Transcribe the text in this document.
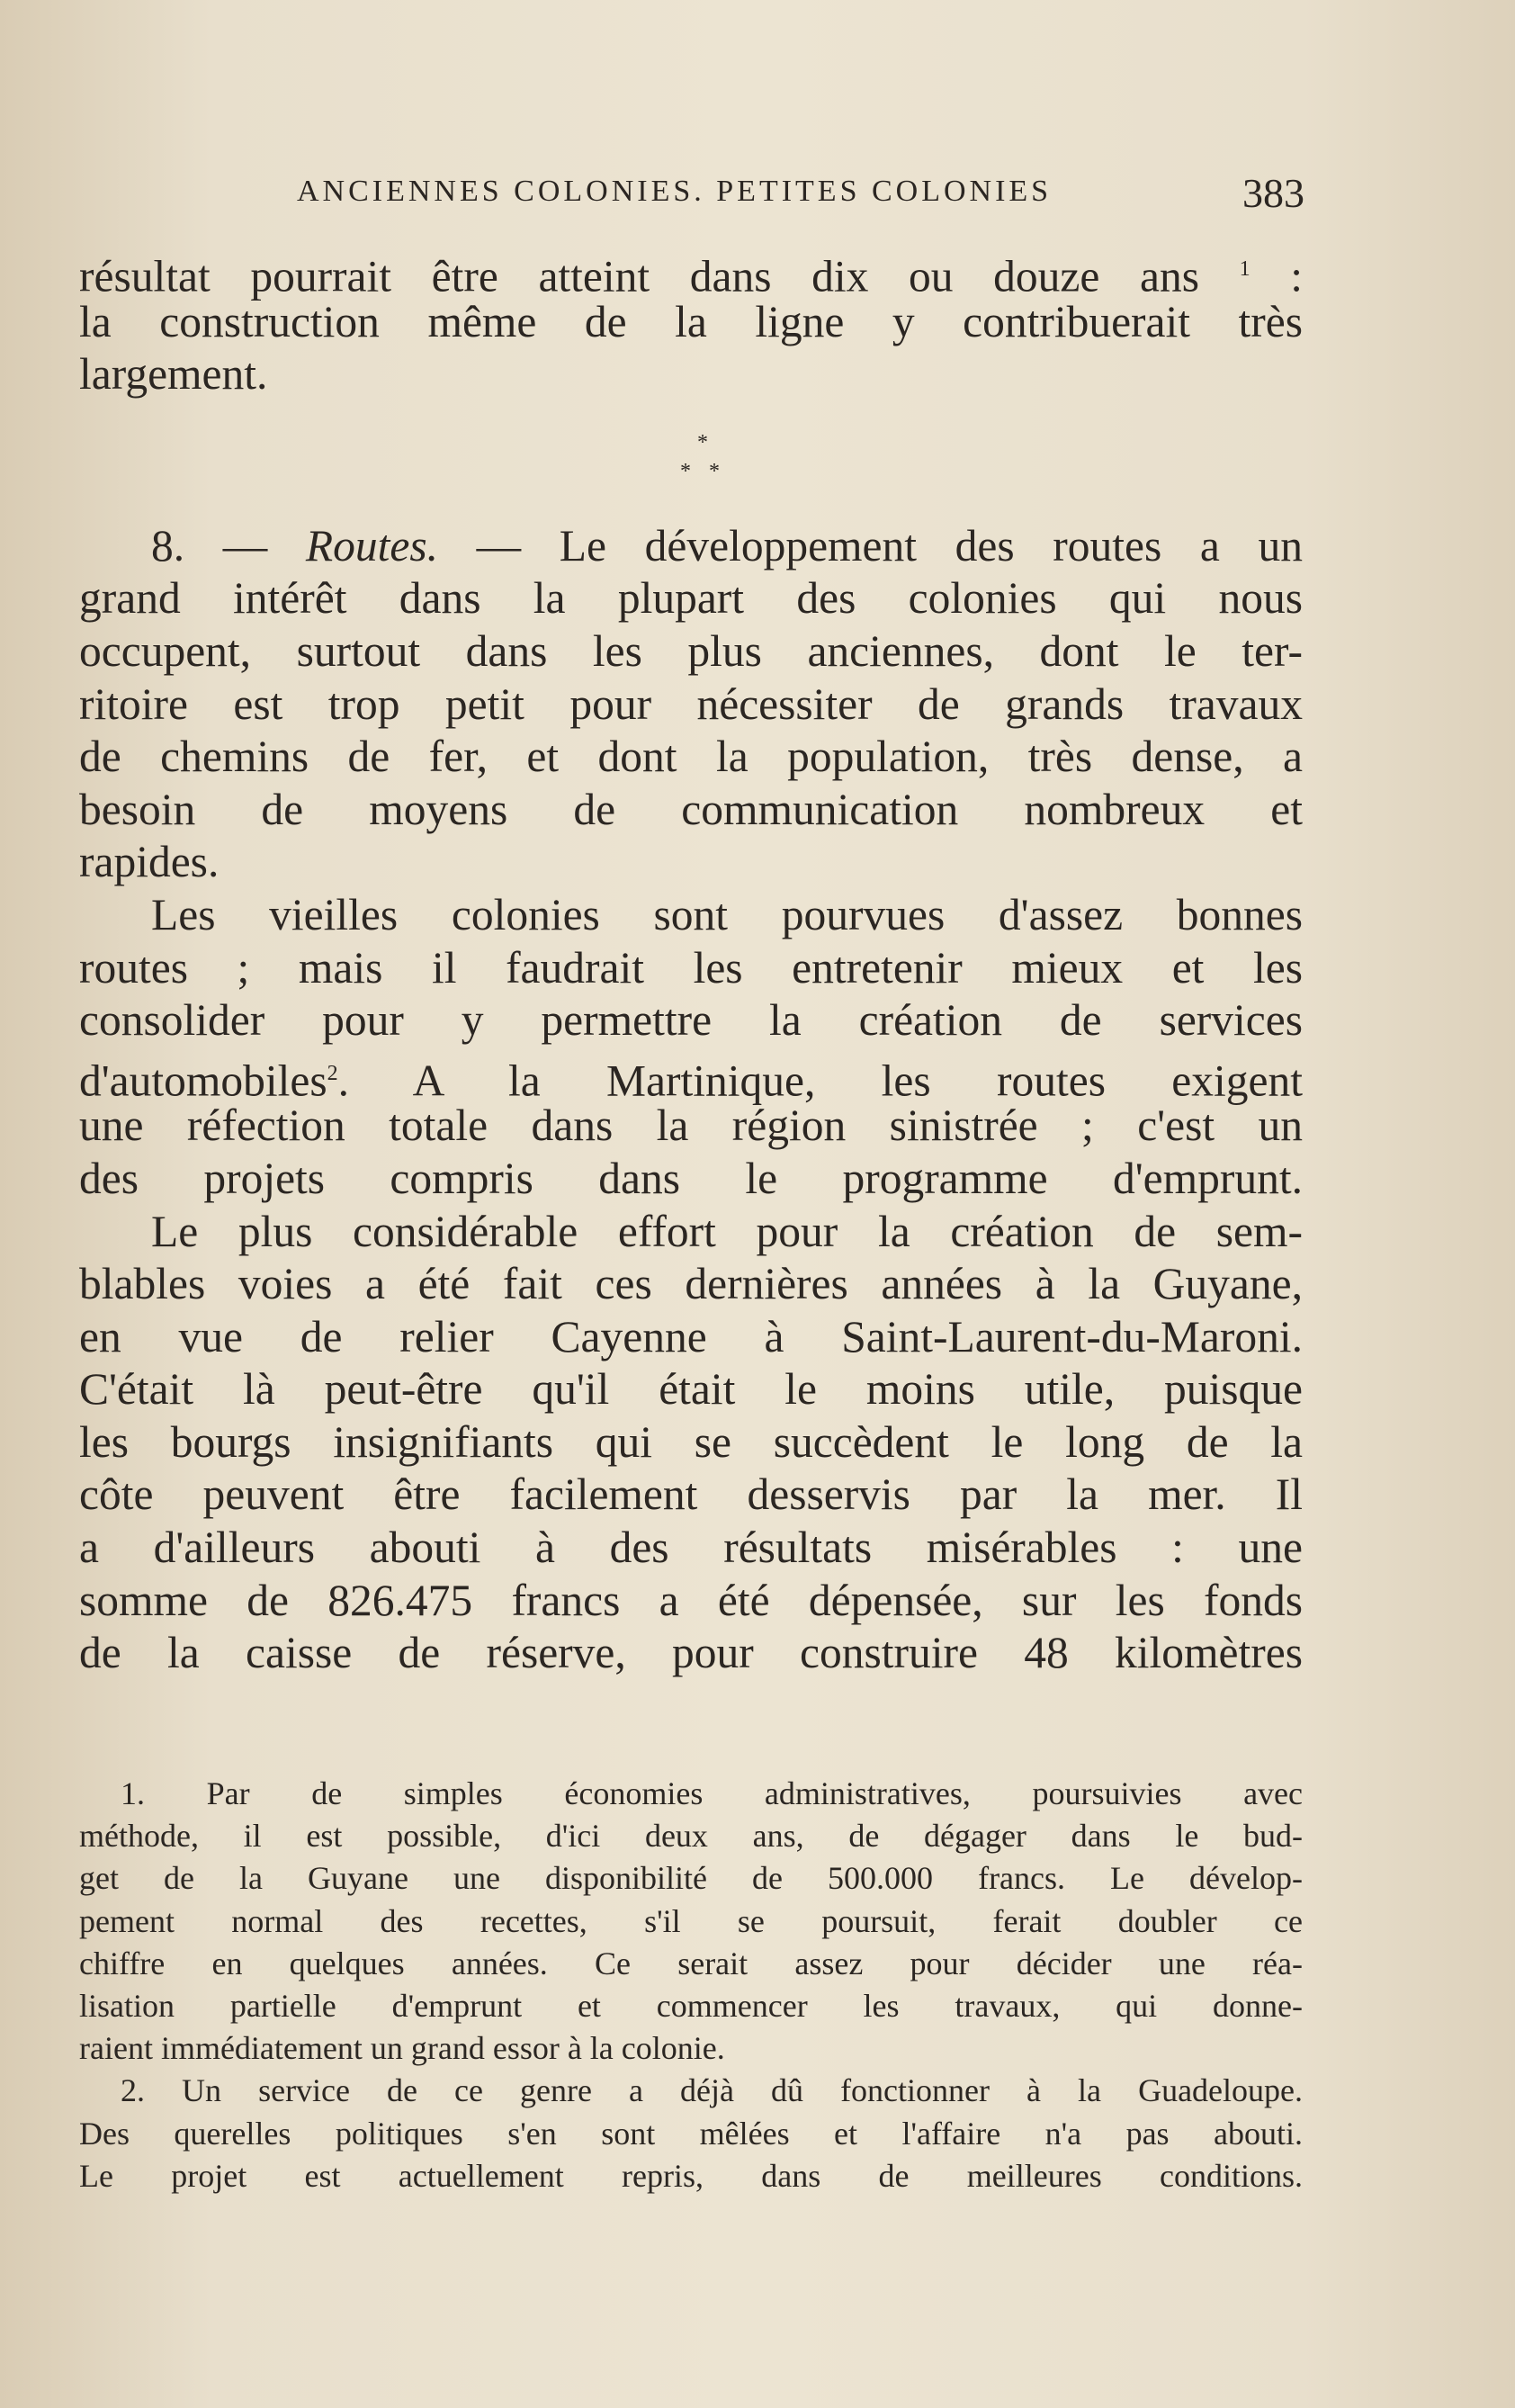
ANCIENNES COLONIES. PETITES COLONIES	383
résultat pourrait être atteint dans dix ou douze ans $^1$ :
la construction même de la ligne y contribuerait très
largement.
*
* *
8. — Routes. — Le développement des routes a un
grand intérêt dans la plupart des colonies qui nous
occupent, surtout dans les plus anciennes, dont le ter-
ritoire est trop petit pour nécessiter de grands travaux
de chemins de fer, et dont la population, très dense, a
besoin de moyens de communication nombreux et
rapides.
Les vieilles colonies sont pourvues d'assez bonnes
routes ; mais il faudrait les entretenir mieux et les
consolider pour y permettre la création de services
d'automobiles$^2$. A la Martinique, les routes exigent
une réfection totale dans la région sinistrée ; c'est un
des projets compris dans le programme d'emprunt.
Le plus considérable effort pour la création de sem-
blables voies a été fait ces dernières années à la Guyane,
en vue de relier Cayenne à Saint-Laurent-du-Maroni.
C'était là peut-être qu'il était le moins utile, puisque
les bourgs insignifiants qui se succèdent le long de la
côte peuvent être facilement desservis par la mer. Il
a d'ailleurs abouti à des résultats misérables : une
somme de 826.475 francs a été dépensée, sur les fonds
de la caisse de réserve, pour construire 48 kilomètres
1. Par de simples économies administratives, poursuivies avec
méthode, il est possible, d'ici deux ans, de dégager dans le bud-
get de la Guyane une disponibilité de 500.000 francs. Le dévelop-
pement normal des recettes, s'il se poursuit, ferait doubler ce
chiffre en quelques années. Ce serait assez pour décider une réa-
lisation partielle d'emprunt et commencer les travaux, qui donne-
raient immédiatement un grand essor à la colonie.
2. Un service de ce genre a déjà dû fonctionner à la Guadeloupe.
Des querelles politiques s'en sont mêlées et l'affaire n'a pas abouti.
Le projet est actuellement repris, dans de meilleures conditions.
